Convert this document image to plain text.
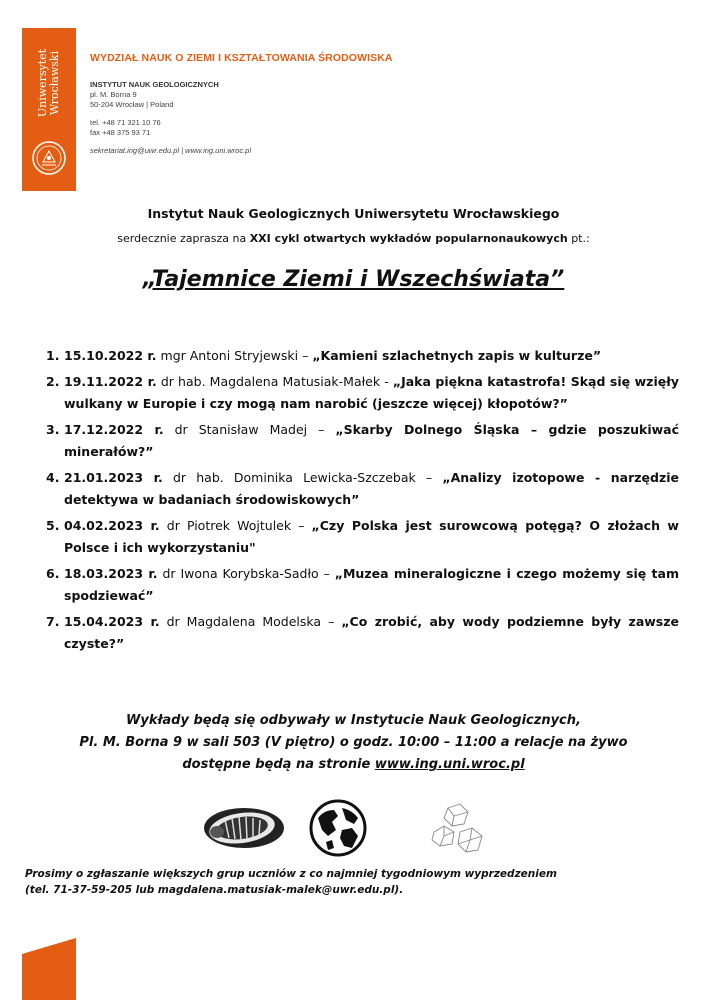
Uniwersytet Wrocławski	WYDZIAŁ NAUK O ZIEMI I KSZTAŁTOWANIA ŚRODOWISKA
INSTYTUT NAUK GEOLOGICZNYCH
pl. M. Borna 9
50-204 Wrocław | Poland
tel. +48 71 321 10 76
fax +48 375 93 71
sekretariat.ing@uwr.edu.pl | www.ing.uni.wroc.pl
Instytut Nauk Geologicznych Uniwersytetu Wrocławskiego
serdecznie zaprasza na XXI cykl otwartych wykładów popularnonaukowych pt.:
„Tajemnice Ziemi i Wszechświata”
1. 15.10.2022 r. mgr Antoni Stryjewski – „Kamieni szlachetnych zapis w kulturze”
2. 19.11.2022 r. dr hab. Magdalena Matusiak-Małek - „Jaka piękna katastrofa! Skąd się wzięły wulkany w Europie i czy mogą nam narobić (jeszcze więcej) kłopotów?”
3. 17.12.2022 r. dr Stanisław Madej – „Skarby Dolnego Śląska – gdzie poszukiwać minerałów?”
4. 21.01.2023 r. dr hab. Dominika Lewicka-Szczebak – „Analizy izotopowe - narzędzie detektywa w badaniach środowiskowych”
5. 04.02.2023 r. dr Piotrek Wojtulek – „Czy Polska jest surowcową potęgą? O złożach w Polsce i ich wykorzystaniu"
6. 18.03.2023 r. dr Iwona Korybska-Sadło – „Muzea mineralogiczne i czego możemy się tam spodziewać”
7. 15.04.2023 r. dr Magdalena Modelska – „Co zrobić, aby wody podziemne były zawsze czyste?”
Wykłady będą się odbywały w Instytucie Nauk Geologicznych,
Pl. M. Borna 9 w sali 503 (V piętro) o godz. 10:00 – 11:00 a relacje na żywo
dostępne będą na stronie www.ing.uni.wroc.pl
Prosimy o zgłaszanie większych grup uczniów z co najmniej tygodniowym wyprzedzeniem
(tel. 71-37-59-205 lub magdalena.matusiak-malek@uwr.edu.pl).
